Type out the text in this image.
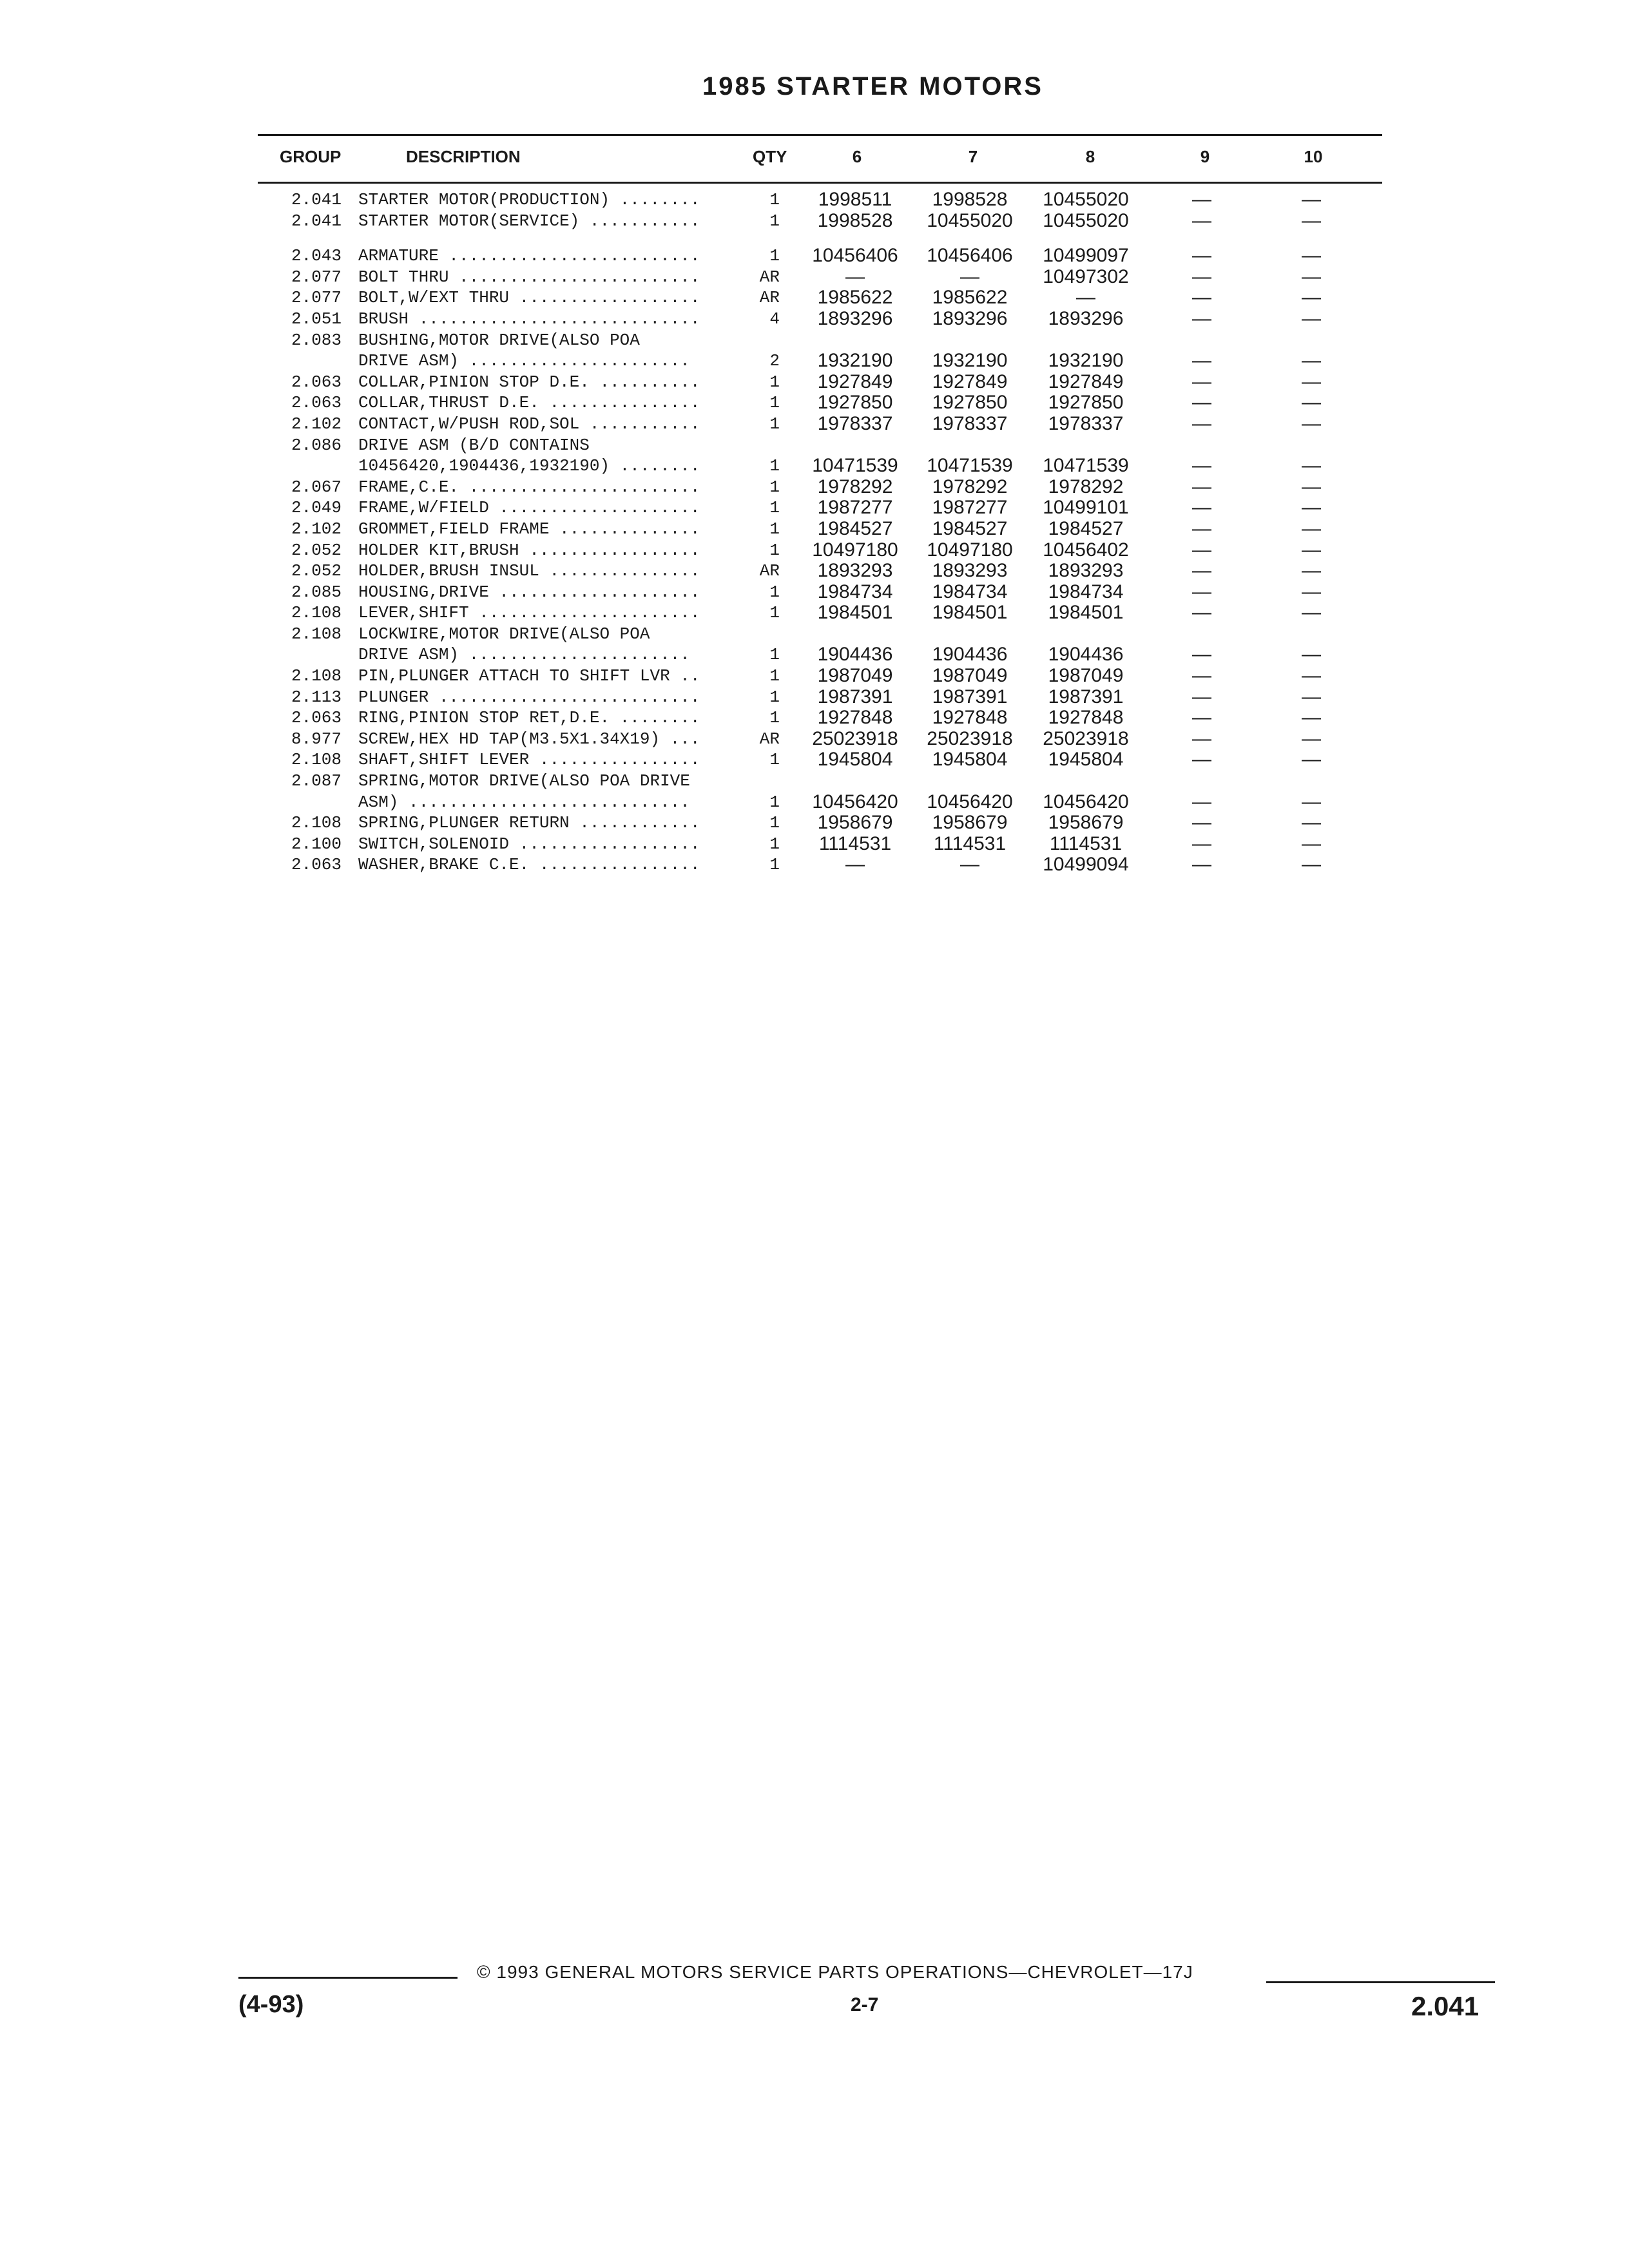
1985 STARTER MOTORS
GROUP	DESCRIPTION	QTY	6	7	8	9	10
2.041 STARTER MOTOR(PRODUCTION) ........	1	1998511	1998528	10455020	—	—
2.041 STARTER MOTOR(SERVICE) ...........	1	1998528	10455020	10455020	—	—
2.043 ARMATURE .........................	1	10456406	10456406	10499097	—	—
2.077 BOLT THRU ........................	AR	—	—	10497302	—	—
2.077 BOLT,W/EXT THRU ..................	AR	1985622	1985622	—	—	—
2.051 BRUSH ............................	4	1893296	1893296	1893296	—	—
2.083 BUSHING,MOTOR DRIVE(ALSO POA
DRIVE ASM) ......................	2	1932190	1932190	1932190	—	—
2.063 COLLAR,PINION STOP D.E. ..........	1	1927849	1927849	1927849	—	—
2.063 COLLAR,THRUST D.E. ...............	1	1927850	1927850	1927850	—	—
2.102 CONTACT,W/PUSH ROD,SOL ...........	1	1978337	1978337	1978337	—	—
2.086 DRIVE ASM (B/D CONTAINS
10456420,1904436,1932190) ........	1	10471539	10471539	10471539	—	—
2.067 FRAME,C.E. .......................	1	1978292	1978292	1978292	—	—
2.049 FRAME,W/FIELD ....................	1	1987277	1987277	10499101	—	—
2.102 GROMMET,FIELD FRAME ..............	1	1984527	1984527	1984527	—	—
2.052 HOLDER KIT,BRUSH .................	1	10497180	10497180	10456402	—	—
2.052 HOLDER,BRUSH INSUL ...............	AR	1893293	1893293	1893293	—	—
2.085 HOUSING,DRIVE ....................	1	1984734	1984734	1984734	—	—
2.108 LEVER,SHIFT ......................	1	1984501	1984501	1984501	—	—
2.108 LOCKWIRE,MOTOR DRIVE(ALSO POA
DRIVE ASM) ......................	1	1904436	1904436	1904436	—	—
2.108 PIN,PLUNGER ATTACH TO SHIFT LVR ..	1	1987049	1987049	1987049	—	—
2.113 PLUNGER ..........................	1	1987391	1987391	1987391	—	—
2.063 RING,PINION STOP RET,D.E. ........	1	1927848	1927848	1927848	—	—
8.977 SCREW,HEX HD TAP(M3.5X1.34X19) ...	AR	25023918	25023918	25023918	—	—
2.108 SHAFT,SHIFT LEVER ................	1	1945804	1945804	1945804	—	—
2.087 SPRING,MOTOR DRIVE(ALSO POA DRIVE
ASM) ............................	1	10456420	10456420	10456420	—	—
2.108 SPRING,PLUNGER RETURN ............	1	1958679	1958679	1958679	—	—
2.100 SWITCH,SOLENOID ..................	1	1114531	1114531	1114531	—	—
2.063 WASHER,BRAKE C.E. ................	1	—	—	10499094	—	—
© 1993 GENERAL MOTORS SERVICE PARTS OPERATIONS—CHEVROLET—17J
(4-93)	2-7	2.041
